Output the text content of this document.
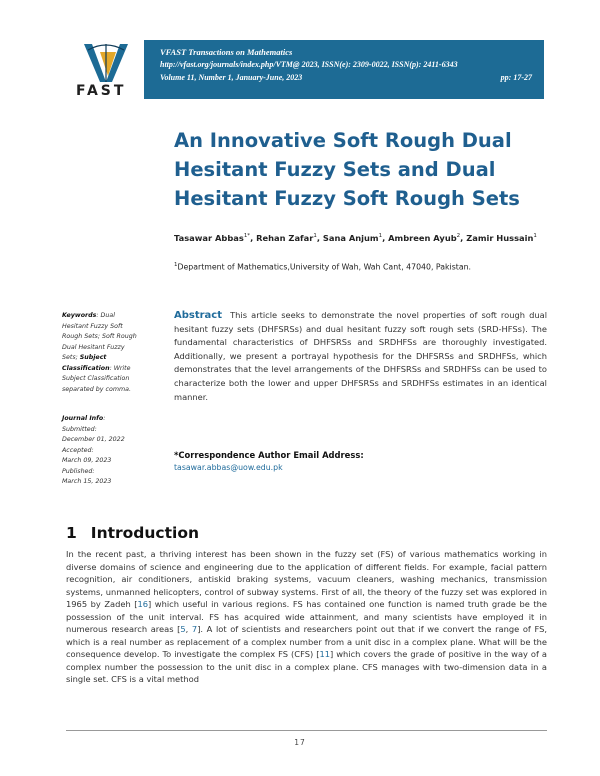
FAST
VFAST Transactions on Mathematics
http://vfast.org/journals/index.php/VTM@ 2023, ISSN(e): 2309-0022, ISSN(p): 2411-6343
Volume 11, Number 1, January-June, 2023	pp: 17-27
An Innovative Soft Rough Dual Hesitant Fuzzy Sets and Dual Hesitant Fuzzy Soft Rough Sets
Tasawar Abbas$^{1*}$, Rehan Zafar$^1$, Sana Anjum$^1$, Ambreen Ayub$^2$, Zamir Hussain$^1$
$^1$Department of Mathematics,University of Wah, Wah Cant, 47040, Pakistan.
Keywords: Dual
Hesitant Fuzzy Soft
Rough Sets; Soft Rough
Dual Hesitant Fuzzy
Sets; Subject
Classification: Write
Subject Classification
separated by comma.
Journal Info:
Submitted:
December 01, 2022
Accepted:
March 09, 2023
Published:
March 15, 2023
Abstract This article seeks to demonstrate the novel properties of soft rough dual hesitant fuzzy sets (DHFSRSs) and dual hesitant fuzzy soft rough sets (SRD-HFSs). The fundamental characteristics of DHFSRSs and SRDHFSs are thoroughly investigated. Additionally, we present a portrayal hypothesis for the DHFSRSs and SRDHFSs, which demonstrates that the level arrangements of the DHFSRSs and SRDHFSs can be used to characterize both the lower and upper DHFSRSs and SRDHFSs estimates in an identical manner.
*Correspondence Author Email Address:
tasawar.abbas@uow.edu.pk
1 Introduction
In the recent past, a thriving interest has been shown in the fuzzy set (FS) of various mathematics working in diverse domains of science and engineering due to the application of different fields. For example, facial pattern recognition, air conditioners, antiskid braking systems, vacuum cleaners, washing mechanics, transmission systems, unmanned helicopters, control of subway systems. First of all, the theory of the fuzzy set was explored in 1965 by Zadeh [16] which useful in various regions. FS has contained one function is named truth grade be the possession of the unit interval. FS has acquired wide attainment, and many scientists have employed it in numerous research areas [5, 7]. A lot of scientists and researchers point out that if we convert the range of FS, which is a real number as replacement of a complex number from a unit disc in a complex plane. What will be the consequence develop. To investigate the complex FS (CFS) [11] which covers the grade of positive in the way of a complex number the possession to the unit disc in a complex plane. CFS manages with two-dimension data in a single set. CFS is a vital method
17
